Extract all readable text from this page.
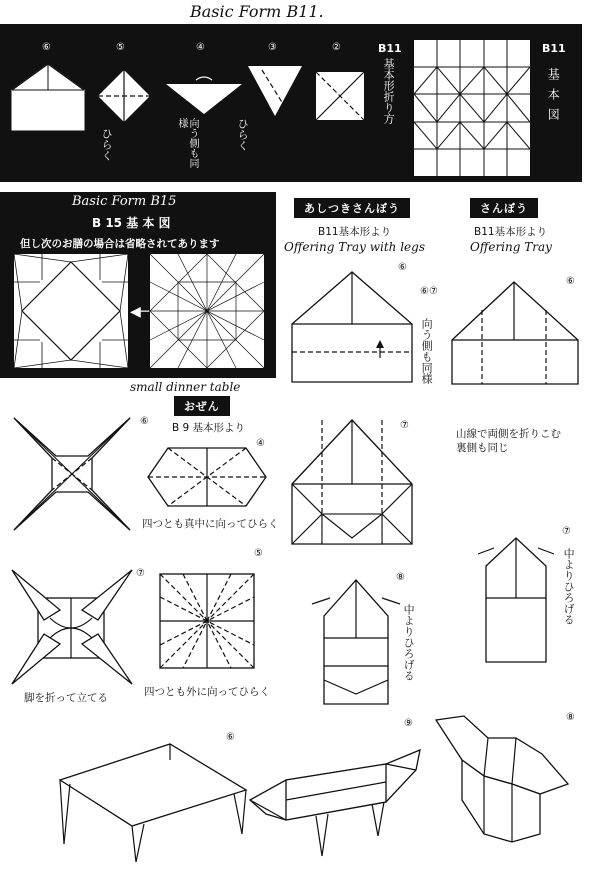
Basic Form B11.
⑥	⑤	④	③	②
ひらく	向う側も同様	ひらく
B11
基本形折り方
B11
基本図
Basic Form B15
B 15 基 本 図
但し次のお膳の場合は省略されてあります
◀─
あしつきさんぼう
B11基本形より
Offering Tray with legs
⑥
⑥⑦
向う側も同様
⑦
⑧
中よりひろげる
さんぼう
B11基本形より
Offering Tray
⑥
山線で両側を折りこむ
裏側も同じ
⑦
中よりひろげる
small dinner table
おぜん
B 9 基本形より
⑥
④
四つとも真中に向ってひらく
⑤
四つとも外に向ってひらく
⑦
脚を折って立てる
⑥
⑨
⑧
